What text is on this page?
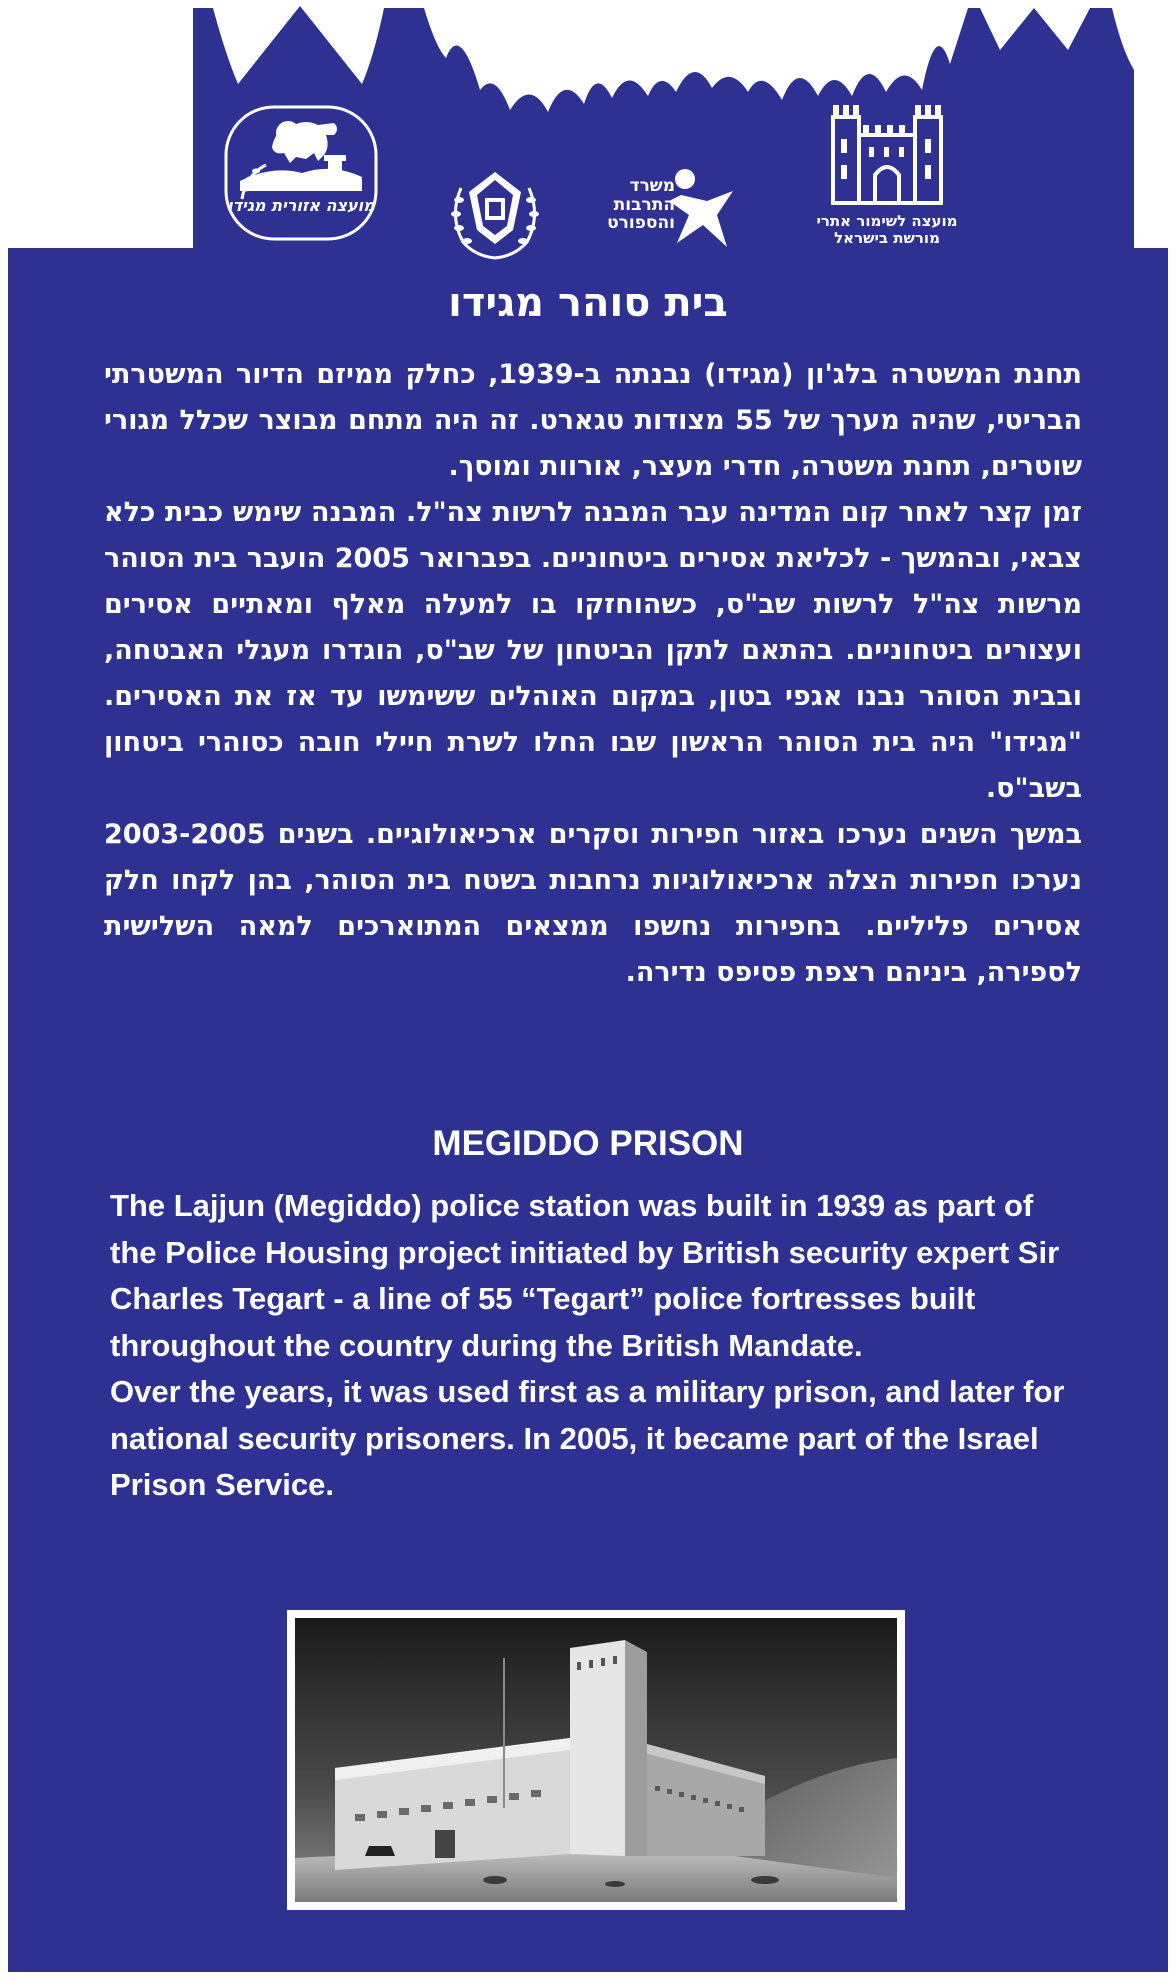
מועצה לשימור אתרי מורשת בישראל
משרד התרבות והספורט
מועצה אזורית מגידו
בית סוהר מגידו

תחנת המשטרה בלג'ון (מגידו) נבנתה ב-1939, כחלק ממיזם הדיור המשטרתי הבריטי, שהיה מערך של 55 מצודות טגארט. זה היה מתחם מבוצר שכלל מגורי שוטרים, תחנת משטרה, חדרי מעצר, אורוות ומוסך.

זמן קצר לאחר קום המדינה עבר המבנה לרשות צה"ל. המבנה שימש כבית כלא צבאי, ובהמשך - לכליאת אסירים ביטחוניים. בפברואר 2005 הועבר בית הסוהר מרשות צה"ל לרשות שב"ס, כשהוחזקו בו למעלה מאלף ומאתיים אסירים ועצורים ביטחוניים. בהתאם לתקן הביטחון של שב"ס, הוגדרו מעגלי האבטחה, ובבית הסוהר נבנו אגפי בטון, במקום האוהלים ששימשו עד אז את האסירים. "מגידו" היה בית הסוהר הראשון שבו החלו לשרת חיילי חובה כסוהרי ביטחון בשב"ס.

במשך השנים נערכו באזור חפירות וסקרים ארכיאולוגיים. בשנים 2003-2005 נערכו חפירות הצלה ארכיאולוגיות נרחבות בשטח בית הסוהר, בהן לקחו חלק אסירים פליליים. בחפירות נחשפו ממצאים המתוארכים למאה השלישית לספירה, ביניהם רצפת פסיפס נדירה.

MEGIDDO PRISON

The Lajjun (Megiddo) police station was built in 1939 as part of the Police Housing project initiated by British security expert Sir Charles Tegart - a line of 55 “Tegart” police fortresses built throughout the country during the British Mandate.

Over the years, it was used first as a military prison, and later for national security prisoners. In 2005, it became part of the Israel Prison Service.
